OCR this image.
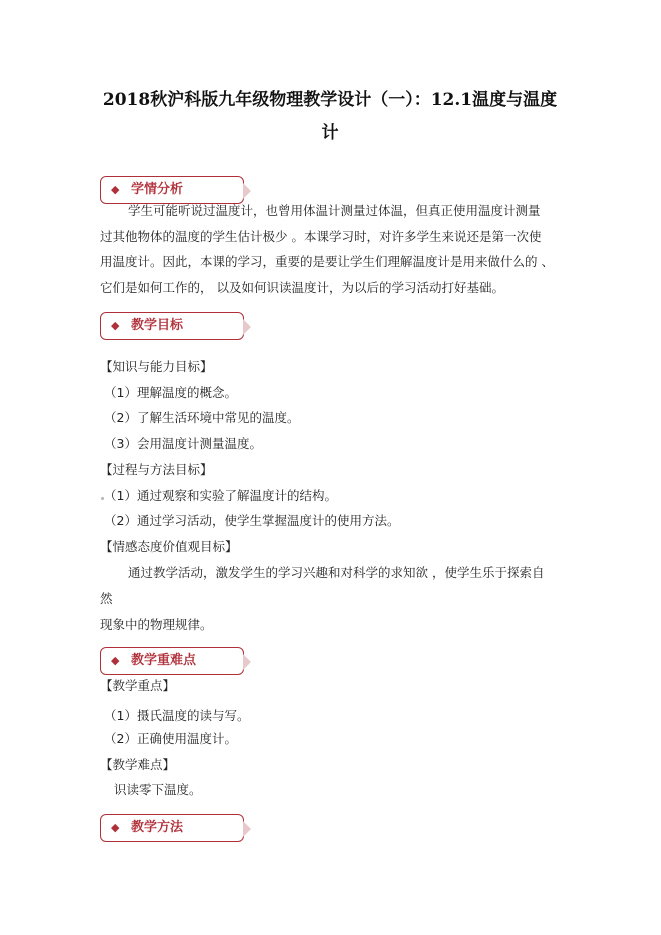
2018秋沪科版九年级物理教学设计（一）：12.1温度与温度
计
◆ 学情分析
学生可能听说过温度计，也曾用体温计测量过体温，但真正使用温度计测量
过其他物体的温度的学生估计极少 。本课学习时，对许多学生来说还是第一次使
用温度计。因此，本课的学习，重要的是要让学生们理解温度计是用来做什么的 、
它们是如何工作的， 以及如何识读温度计，为以后的学习活动打好基础。
◆ 教学目标
【知识与能力目标】
（1）理解温度的概念。
（2）了解生活环境中常见的温度。
（3）会用温度计测量温度。
【过程与方法目标】
（1）通过观察和实验了解温度计的结构。
（2）通过学习活动，使学生掌握温度计的使用方法。
【情感态度价值观目标】
通过教学活动，激发学生的学习兴趣和对科学的求知欲 ，使学生乐于探索自
然
现象中的物理规律。
◆ 教学重难点
【教学重点】
（1）摄氏温度的读与写。
（2）正确使用温度计。
【教学难点】
识读零下温度。
◆ 教学方法
